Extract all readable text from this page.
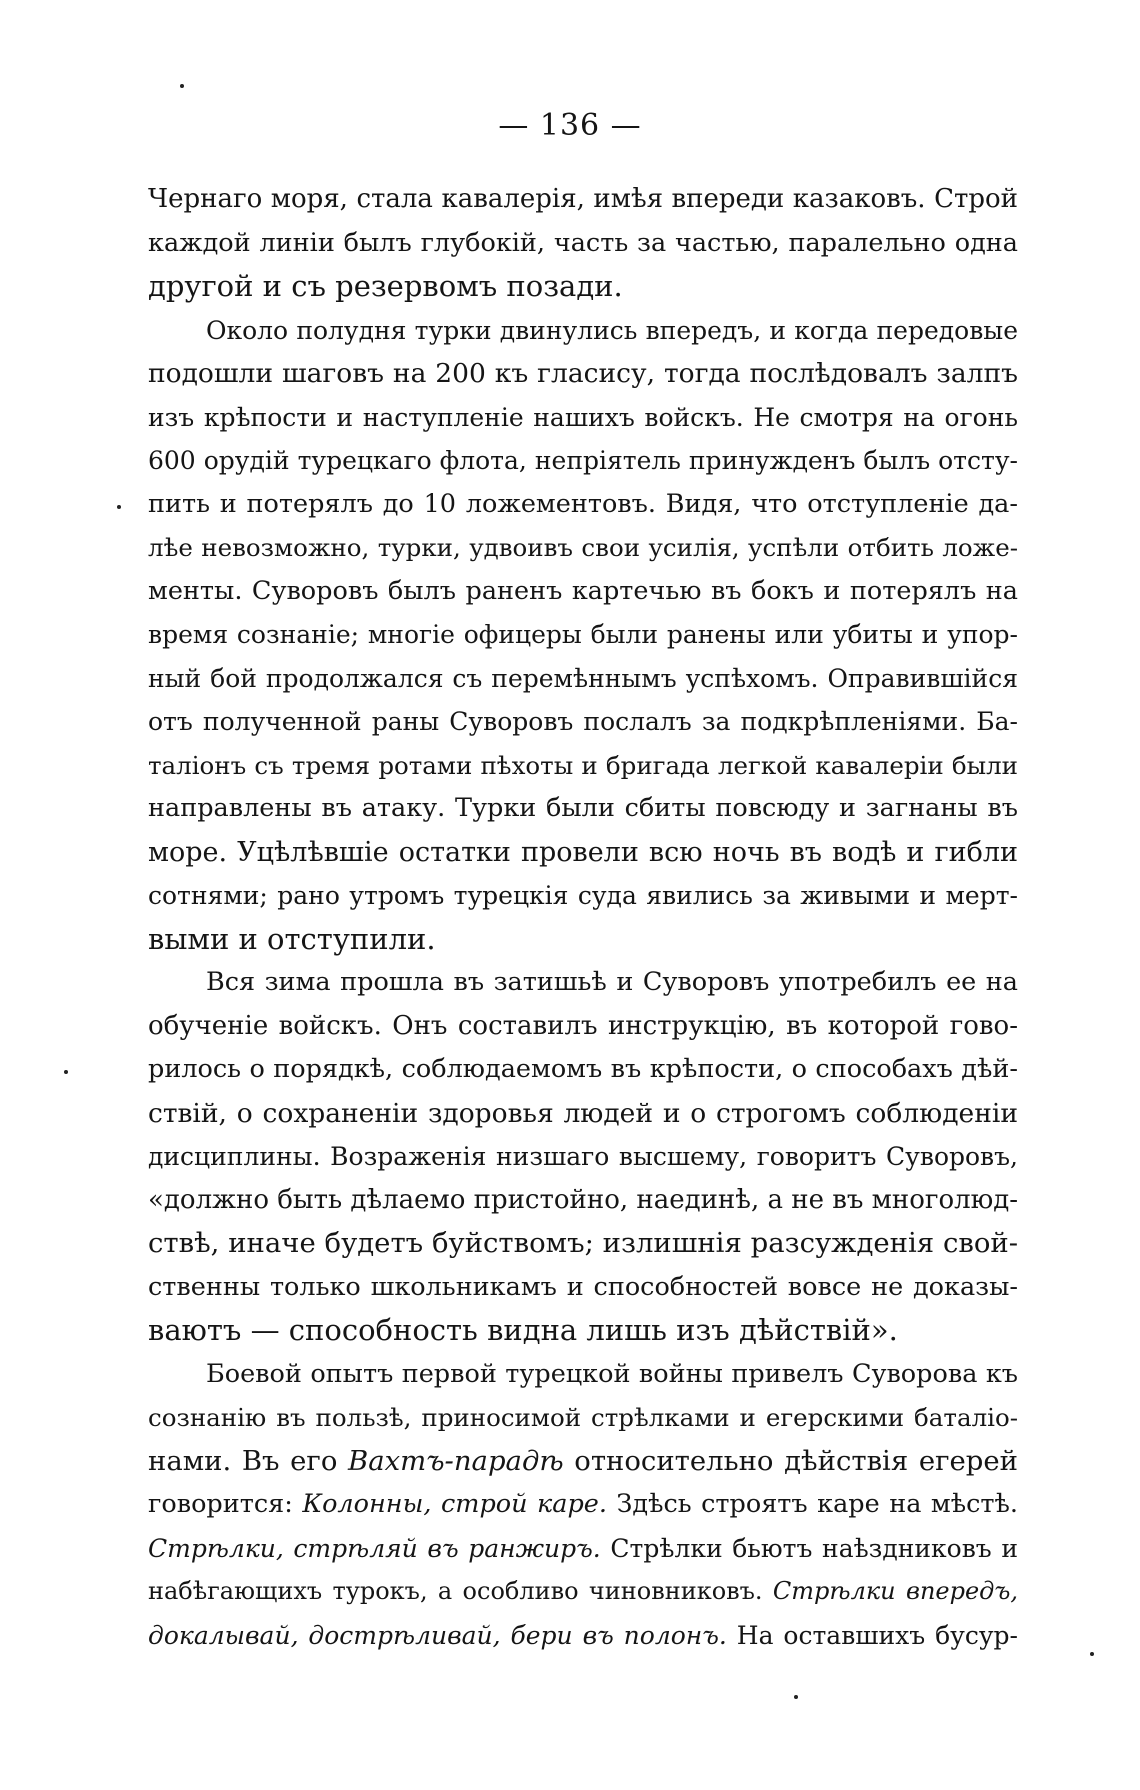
— 136 —
Чернаго моря, стала кавалерія, имѣя впереди казаковъ. Строй
каждой линіи былъ глубокій, часть за частью, паралельно одна
другой и съ резервомъ позади.
Около полудня турки двинулись впередъ, и когда передовые
подошли шаговъ на 200 къ гласису, тогда послѣдовалъ залпъ
изъ крѣпости и наступленіе нашихъ войскъ. Не смотря на огонь
600 орудій турецкаго флота, непріятель принужденъ былъ отсту-
пить и потерялъ до 10 ложементовъ. Видя, что отступленіе да-
лѣе невозможно, турки, удвоивъ свои усилія, успѣли отбить ложе-
менты. Суворовъ былъ раненъ картечью въ бокъ и потерялъ на
время сознаніе; многіе офицеры были ранены или убиты и упор-
ный бой продолжался съ перемѣннымъ успѣхомъ. Оправившійся
отъ полученной раны Суворовъ послалъ за подкрѣпленіями. Ба-
таліонъ съ тремя ротами пѣхоты и бригада легкой кавалеріи были
направлены въ атаку. Турки были сбиты повсюду и загнаны въ
море. Уцѣлѣвшіе остатки провели всю ночь въ водѣ и гибли
сотнями; рано утромъ турецкія суда явились за живыми и мерт-
выми и отступили.
Вся зима прошла въ затишьѣ и Суворовъ употребилъ ее на
обученіе войскъ. Онъ составилъ инструкцію, въ которой гово-
рилось о порядкѣ, соблюдаемомъ въ крѣпости, о способахъ дѣй-
ствій, о сохраненіи здоровья людей и о строгомъ соблюденіи
дисциплины. Возраженія низшаго высшему, говоритъ Суворовъ,
«должно быть дѣлаемо пристойно, наединѣ, а не въ многолюд-
ствѣ, иначе будетъ буйствомъ; излишнія разсужденія свой-
ственны только школьникамъ и способностей вовсе не доказы-
ваютъ — способность видна лишь изъ дѣйствій».
Боевой опытъ первой турецкой войны привелъ Суворова къ
сознанію въ пользѣ, приносимой стрѣлками и егерскими баталіо-
нами. Въ его Вахтъ-парадѣ относительно дѣйствія егерей
говорится: Колонны, строй каре. Здѣсь строятъ каре на мѣстѣ.
Стрѣлки, стрѣляй въ ранжиръ. Стрѣлки бьютъ наѣздниковъ и
набѣгающихъ турокъ, а особливо чиновниковъ. Стрѣлки впередъ,
докалывай, дострѣливай, бери въ полонъ. На оставшихъ бусур-
